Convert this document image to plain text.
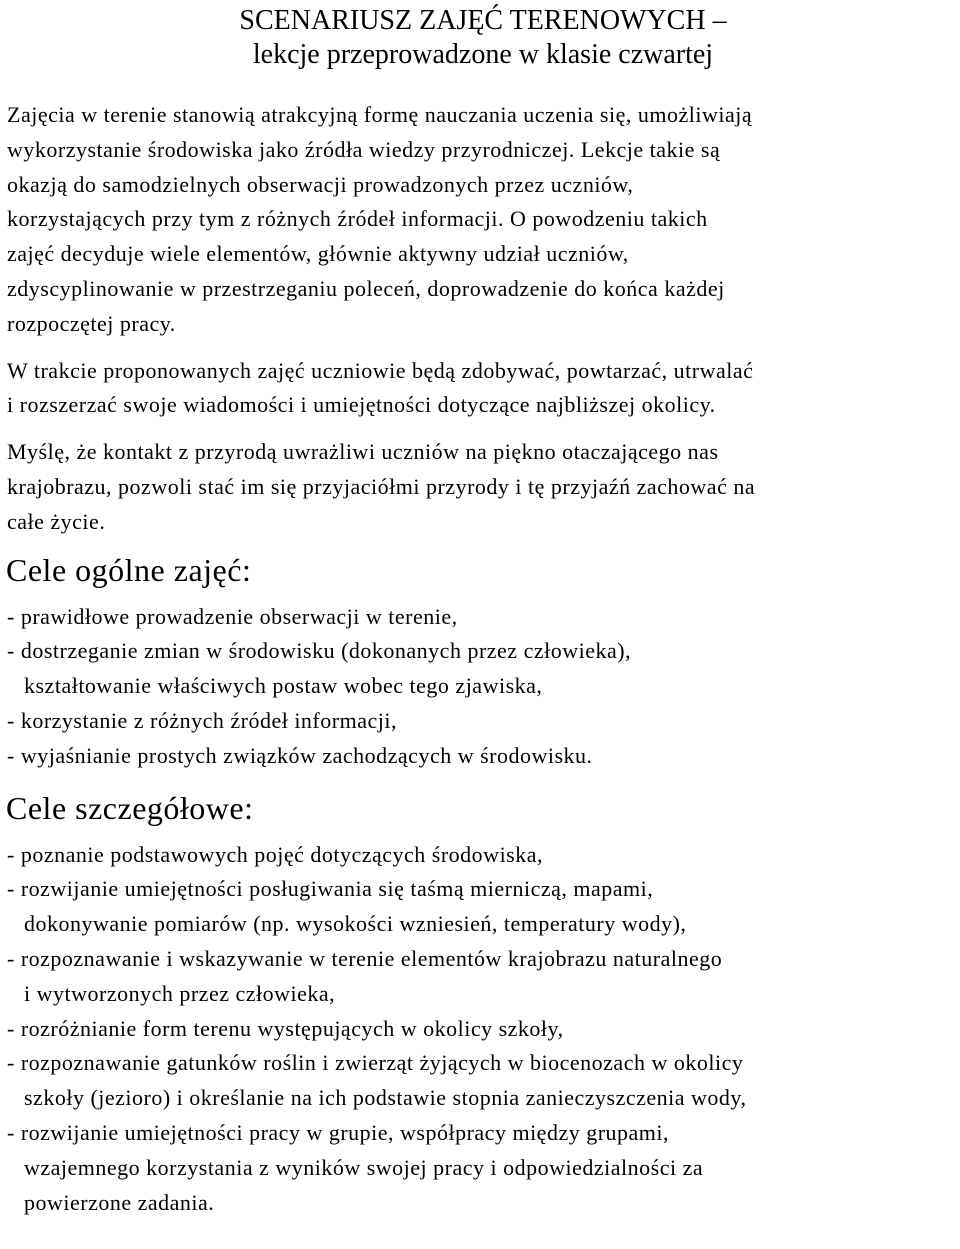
SCENARIUSZ ZAJĘĆ TERENOWYCH –
lekcje przeprowadzone w klasie czwartej
Zajęcia w terenie stanowią atrakcyjną formę nauczania uczenia się, umożliwiają
wykorzystanie środowiska jako źródła wiedzy przyrodniczej. Lekcje takie są
okazją do samodzielnych obserwacji prowadzonych przez uczniów,
korzystających przy tym z różnych źródeł informacji. O powodzeniu takich
zajęć decyduje wiele elementów, głównie aktywny udział uczniów,
zdyscyplinowanie w przestrzeganiu poleceń, doprowadzenie do końca każdej
rozpoczętej pracy.
W trakcie proponowanych zajęć uczniowie będą zdobywać, powtarzać, utrwalać
i rozszerzać swoje wiadomości i umiejętności dotyczące najbliższej okolicy.
Myślę, że kontakt z przyrodą uwrażliwi uczniów na piękno otaczającego nas
krajobrazu, pozwoli stać im się przyjaciółmi przyrody i tę przyjaźń zachować na
całe życie.
Cele ogólne zajęć:
- prawidłowe prowadzenie obserwacji w terenie,
- dostrzeganie zmian w środowisku (dokonanych przez człowieka),
kształtowanie właściwych postaw wobec tego zjawiska,
- korzystanie z różnych źródeł informacji,
- wyjaśnianie prostych związków zachodzących w środowisku.
Cele szczegółowe:
- poznanie podstawowych pojęć dotyczących środowiska,
- rozwijanie umiejętności posługiwania się taśmą mierniczą, mapami,
dokonywanie pomiarów (np. wysokości wzniesień, temperatury wody),
- rozpoznawanie i wskazywanie w terenie elementów krajobrazu naturalnego
i wytworzonych przez człowieka,
- rozróżnianie form terenu występujących w okolicy szkoły,
- rozpoznawanie gatunków roślin i zwierząt żyjących w biocenozach w okolicy
szkoły (jezioro) i określanie na ich podstawie stopnia zanieczyszczenia wody,
- rozwijanie umiejętności pracy w grupie, współpracy między grupami,
wzajemnego korzystania z wyników swojej pracy i odpowiedzialności za
powierzone zadania.
